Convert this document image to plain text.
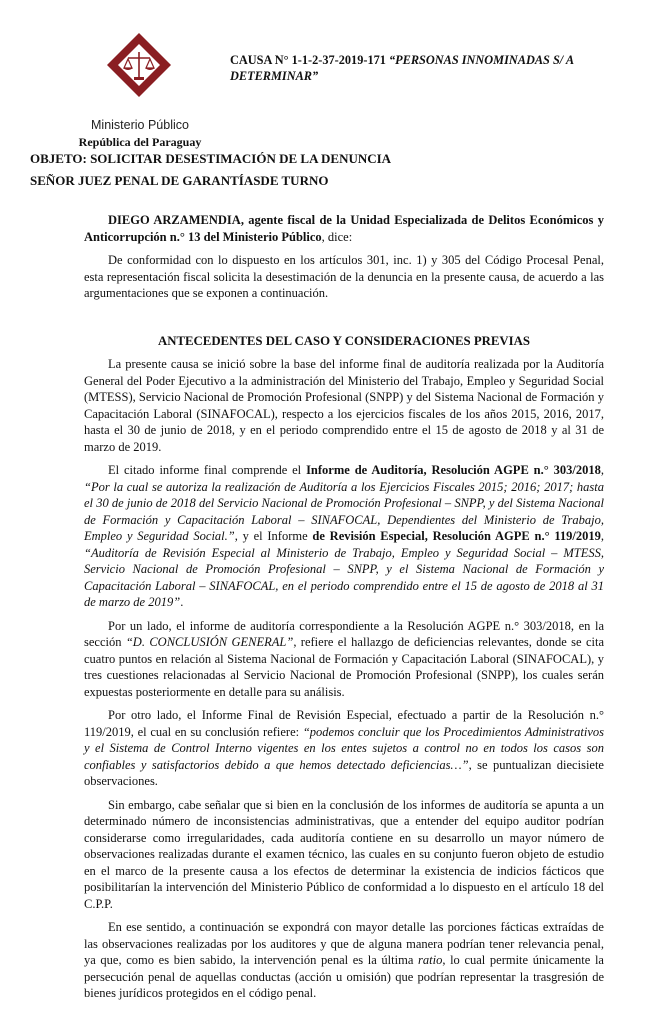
Ministerio Público
República del Paraguay
CAUSA N° 1-1-2-37-2019-171 “PERSONAS INNOMINADAS S/ A DETERMINAR”
OBJETO: SOLICITAR DESESTIMACIÓN DE LA DENUNCIA
SEÑOR JUEZ PENAL DE GARANTÍASDE TURNO

DIEGO ARZAMENDIA, agente fiscal de la Unidad Especializada de Delitos Económicos y Anticorrupción n.° 13 del Ministerio Público, dice:

De conformidad con lo dispuesto en los artículos 301, inc. 1) y 305 del Código Procesal Penal, esta representación fiscal solicita la desestimación de la denuncia en la presente causa, de acuerdo a las argumentaciones que se exponen a continuación.

ANTECEDENTES DEL CASO Y CONSIDERACIONES PREVIAS

La presente causa se inició sobre la base del informe final de auditoría realizada por la Auditoría General del Poder Ejecutivo a la administración del Ministerio del Trabajo, Empleo y Seguridad Social (MTESS), Servicio Nacional de Promoción Profesional (SNPP) y del Sistema Nacional de Formación y Capacitación Laboral (SINAFOCAL), respecto a los ejercicios fiscales de los años 2015, 2016, 2017, hasta el 30 de junio de 2018, y en el periodo comprendido entre el 15 de agosto de 2018 y al 31 de marzo de 2019.

El citado informe final comprende el Informe de Auditoría, Resolución AGPE n.° 303/2018, “Por la cual se autoriza la realización de Auditoría a los Ejercicios Fiscales 2015; 2016; 2017; hasta el 30 de junio de 2018 del Servicio Nacional de Promoción Profesional – SNPP, y del Sistema Nacional de Formación y Capacitación Laboral – SINAFOCAL, Dependientes del Ministerio de Trabajo, Empleo y Seguridad Social.”, y el Informe de Revisión Especial, Resolución AGPE n.° 119/2019, “Auditoría de Revisión Especial al Ministerio de Trabajo, Empleo y Seguridad Social – MTESS, Servicio Nacional de Promoción Profesional – SNPP, y el Sistema Nacional de Formación y Capacitación Laboral – SINAFOCAL, en el periodo comprendido entre el 15 de agosto de 2018 al 31 de marzo de 2019”.

Por un lado, el informe de auditoría correspondiente a la Resolución AGPE n.° 303/2018, en la sección “D. CONCLUSIÓN GENERAL”, refiere el hallazgo de deficiencias relevantes, donde se cita cuatro puntos en relación al Sistema Nacional de Formación y Capacitación Laboral (SINAFOCAL), y tres cuestiones relacionadas al Servicio Nacional de Promoción Profesional (SNPP), los cuales serán expuestas posteriormente en detalle para su análisis.

Por otro lado, el Informe Final de Revisión Especial, efectuado a partir de la Resolución n.° 119/2019, el cual en su conclusión refiere: “podemos concluir que los Procedimientos Administrativos y el Sistema de Control Interno vigentes en los entes sujetos a control no en todos los casos son confiables y satisfactorios debido a que hemos detectado deficiencias…”, se puntualizan diecisiete observaciones.

Sin embargo, cabe señalar que si bien en la conclusión de los informes de auditoría se apunta a un determinado número de inconsistencias administrativas, que a entender del equipo auditor podrían considerarse como irregularidades, cada auditoría contiene en su desarrollo un mayor número de observaciones realizadas durante el examen técnico, las cuales en su conjunto fueron objeto de estudio en el marco de la presente causa a los efectos de determinar la existencia de indicios fácticos que posibilitarían la intervención del Ministerio Público de conformidad a lo dispuesto en el artículo 18 del C.P.P.

En ese sentido, a continuación se expondrá con mayor detalle las porciones fácticas extraídas de las observaciones realizadas por los auditores y que de alguna manera podrían tener relevancia penal, ya que, como es bien sabido, la intervención penal es la última ratio, lo cual permite únicamente la persecución penal de aquellas conductas (acción u omisión) que podrían representar la trasgresión de bienes jurídicos protegidos en el código penal.
